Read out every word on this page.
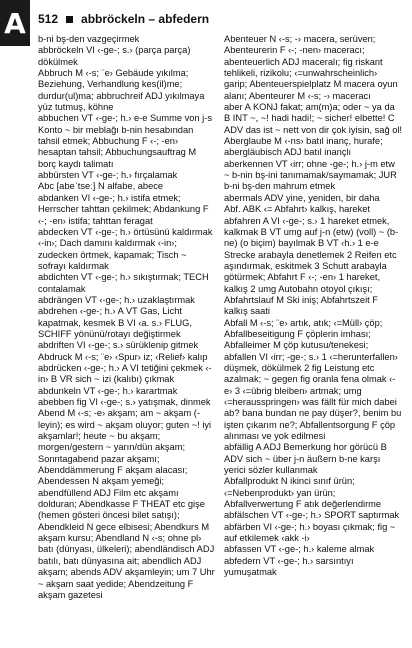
A	512 abbröckeln – abfedern

b-ni bş-den vazgeçirmek

abbröckeln VI ‹-ge-; s.› (parça parça) dökülmek

Abbruch M ‹-s; ¨e› Gebäude yıkılma; Beziehung, Verhandlung kes(il)me; durdur(ul)ma; abbruchreif ADJ yıkılmaya yüz tutmuş, köhne

abbuchen VT ‹-ge-; h.› e-e Summe von j-s Konto ~ bir meblağı b-nin hesabından tahsil etmek; Abbuchung F ‹-; -en› hesaptan tahsil; Abbuchungsauftrag M borç kaydı talimatı

abbürsten VT ‹-ge-; h.› fırçalamak

Abc [abeˈtseː] N alfabe, abece

abdanken VI ‹-ge-; h.› istifa etmek; Herrscher tahttan çekilmek; Abdankung F ‹-; -en› istifa; tahttan feragat

abdecken VT ‹-ge-; h.› örtüsünü kaldırmak ‹-in›; Dach damını kaldırmak ‹-in›; zudecken örtmek, kapamak; Tisch ~ sofrayı kaldırmak

abdichten VT ‹-ge-; h.› sıkıştırmak; TECH contalamak

abdrängen VT ‹-ge-; h.› uzaklaştırmak

abdrehen ‹-ge-; h.› A VT Gas, Licht kapatmak, kesmek B VI ‹a. s.› FLUG, SCHIFF yönünü/rotayı değiştirmek

abdriften VI ‹-ge-; s.› sürüklenip gitmek

Abdruck M ‹-s; ¨e› ‹Spur› iz; ‹Relief› kalıp

abdrücken ‹-ge-; h.› A VI tetiğini çekmek ‹-in› B VR sich ~ izi (kalıbı) çıkmak

abdunkeln VT ‹-ge-; h.› karartmak

abebben fig VI ‹-ge-; s.› yatışmak, dinmek

Abend M ‹-s; -e› akşam; am ~ akşam (-leyin); es wird ~ akşam oluyor; guten ~! iyi akşamlar!; heute ~ bu akşam; morgen/gestern ~ yarın/dün akşam; Sonntagabend pazar akşamı; Abenddämmerung F akşam alacası; Abendessen N akşam yemeği; abendfüllend ADJ Film etc akşamı dolduran; Abendkasse F THEAT etc gişe (hemen gösteri öncesi bilet satışı); Abendkleid N gece elbisesi; Abendkurs M akşam kursu; Abendland N ‹-s; ohne pl› batı (dünyası, ülkeleri); abendländisch ADJ batılı, batı dünyasına ait; abendlich ADJ akşam; abends ADV akşamleyin; um 7 Uhr ~ akşam saat yedide; Abendzeitung F akşam gazetesi

Abenteuer N ‹-s; -› macera, serüven; Abenteurerin F ‹-; -nen› maceracı; abenteuerlich ADJ maceralı; fig riskant tehlikeli, rizikolu; ‹=unwahrscheinlich› garip; Abenteuerspielplatz M macera oyun alanı; Abenteurer M ‹-s; -› maceracı

aber A KONJ fakat; am(m)a; oder ~ ya da B INT ~, ~! hadi hadi!; ~ sicher! elbette! C ADV das ist ~ nett von dir çok iyisin, sağ ol!

Aberglaube M ‹-ns› batıl inanç, hurafe; abergläubisch ADJ batıl inançlı

aberkennen VT ‹irr; ohne -ge-; h.› j-m etw ~ b-nin bş-ini tanımamak/saymamak; JUR b-ni bş-den mahrum etmek

abermals ADV yine, yeniden, bir daha

Abf. ABK ‹= Abfahrt› kalkış, hareket

abfahren A VI ‹-ge-; s.› 1 hareket etmek, kalkmak B VT umg auf j-n (etw) (voll) ~ (b-ne) (o biçim) bayılmak B VT ‹h.› 1 e-e Strecke arabayla denetlemek 2 Reifen etc aşındırmak, eskitmek 3 Schutt arabayla götürmek; Abfahrt F ‹-; -en› 1 hareket, kalkış 2 umg Autobahn otoyol çıkışı; Abfahrtslauf M Ski iniş; Abfahrtszeit F kalkış saati

Abfall M ‹-s; ¨e› artık, atık; ‹=Müll› çöp; Abfallbeseitigung F çöplerin imhası; Abfalleimer M çöp kutusu/tenekesi; abfallen VI ‹irr; -ge-; s.› 1 ‹=herunterfallen› düşmek, dökülmek 2 fig Leistung etc azalmak; ~ gegen fig oranla fena olmak ‹-e› 3 ‹=übrig bleiben› artmak; umg ‹=herausspringen› was fällt für mich dabei ab? bana bundan ne pay düşer?, benim bu işten çıkarım ne?; Abfallentsorgung F çöp alınması ve yok edilmesi

abfällig A ADJ Bemerkung hor görücü B ADV sich ~ über j-n äußern b-ne karşı yerici sözler kullanmak

Abfallprodukt N ikinci sınıf ürün; ‹=Nebenprodukt› yan ürün; Abfallverwertung F atık değerlendirme

abfälschen VT ‹-ge-; h.› SPORT saptırmak

abfärben VI ‹-ge-; h.› boyası çıkmak; fig ~ auf etkilemek ‹akk -i›

abfassen VT ‹-ge-; h.› kaleme almak

abfedern VT ‹-ge-; h.› sarsıntıyı yumuşatmak
